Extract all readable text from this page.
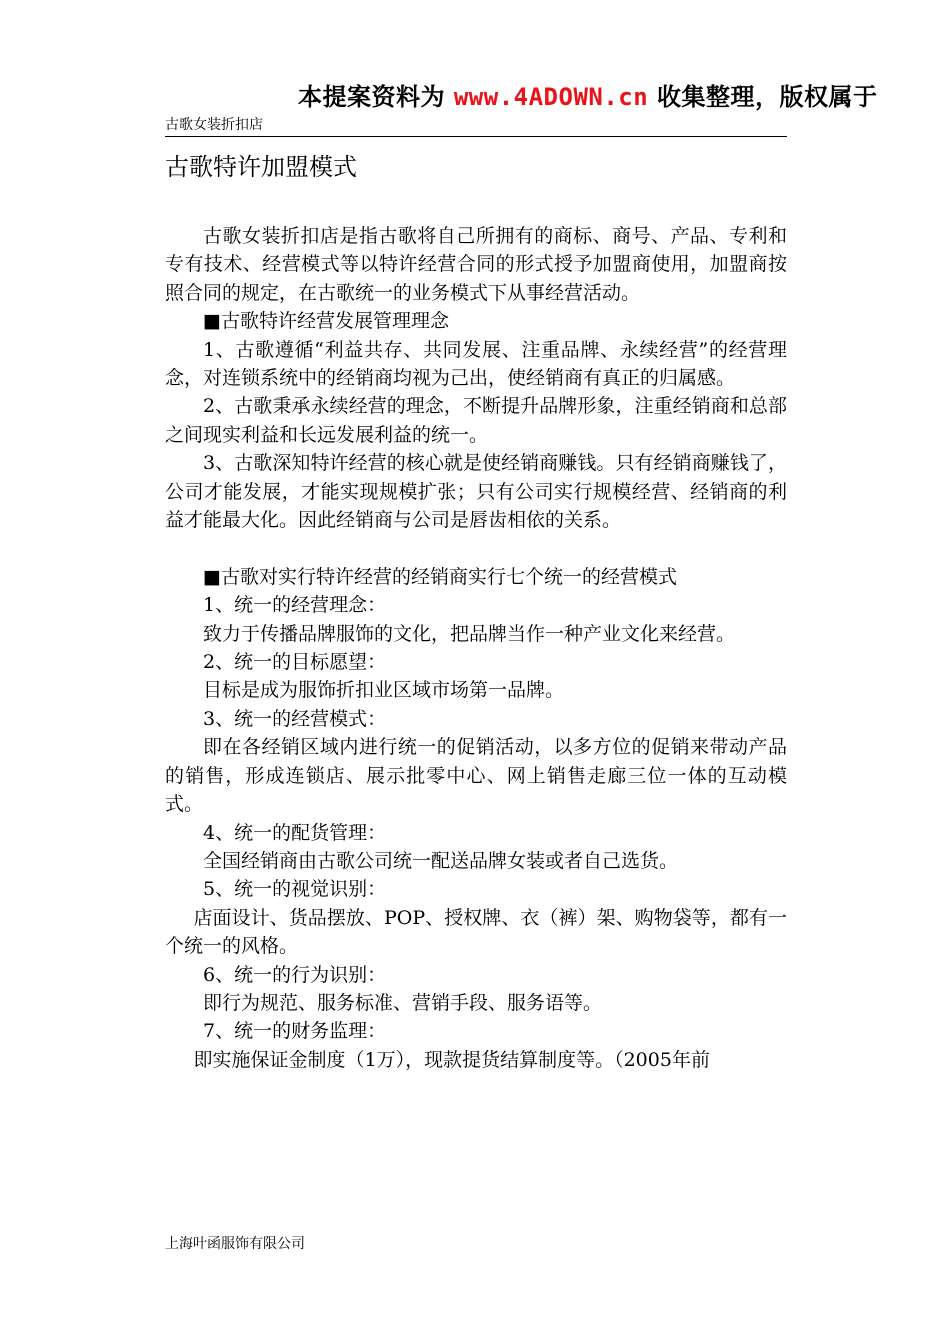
本提案资料为 www.4ADOWN.cn 收集整理，版权属于
古歌女装折扣店
古歌特许加盟模式

古歌女装折扣店是指古歌将自己所拥有的商标、商号、产品、专利和专有技术、经营模式等以特许经营合同的形式授予加盟商使用，加盟商按照合同的规定，在古歌统一的业务模式下从事经营活动。

■古歌特许经营发展管理理念

1、古歌遵循“利益共存、共同发展、注重品牌、永续经营”的经营理念，对连锁系统中的经销商均视为己出，使经销商有真正的归属感。

2、古歌秉承永续经营的理念，不断提升品牌形象，注重经销商和总部之间现实利益和长远发展利益的统一。

3、古歌深知特许经营的核心就是使经销商赚钱。只有经销商赚钱了，公司才能发展，才能实现规模扩张；只有公司实行规模经营、经销商的利益才能最大化。因此经销商与公司是唇齿相依的关系。

■古歌对实行特许经营的经销商实行七个统一的经营模式

1、统一的经营理念：

致力于传播品牌服饰的文化，把品牌当作一种产业文化来经营。

2、统一的目标愿望：

目标是成为服饰折扣业区域市场第一品牌。

3、统一的经营模式：

即在各经销区域内进行统一的促销活动，以多方位的促销来带动产品的销售，形成连锁店、展示批零中心、网上销售走廊三位一体的互动模式。

4、统一的配货管理：

全国经销商由古歌公司统一配送品牌女装或者自己选货。

5、统一的视觉识别：

店面设计、货品摆放、POP、授权牌、衣（裤）架、购物袋等，都有一个统一的风格。

6、统一的行为识别：

即行为规范、服务标准、营销手段、服务语等。

7、统一的财务监理：

即实施保证金制度（1万），现款提货结算制度等。（2005年前

上海叶函服饰有限公司
